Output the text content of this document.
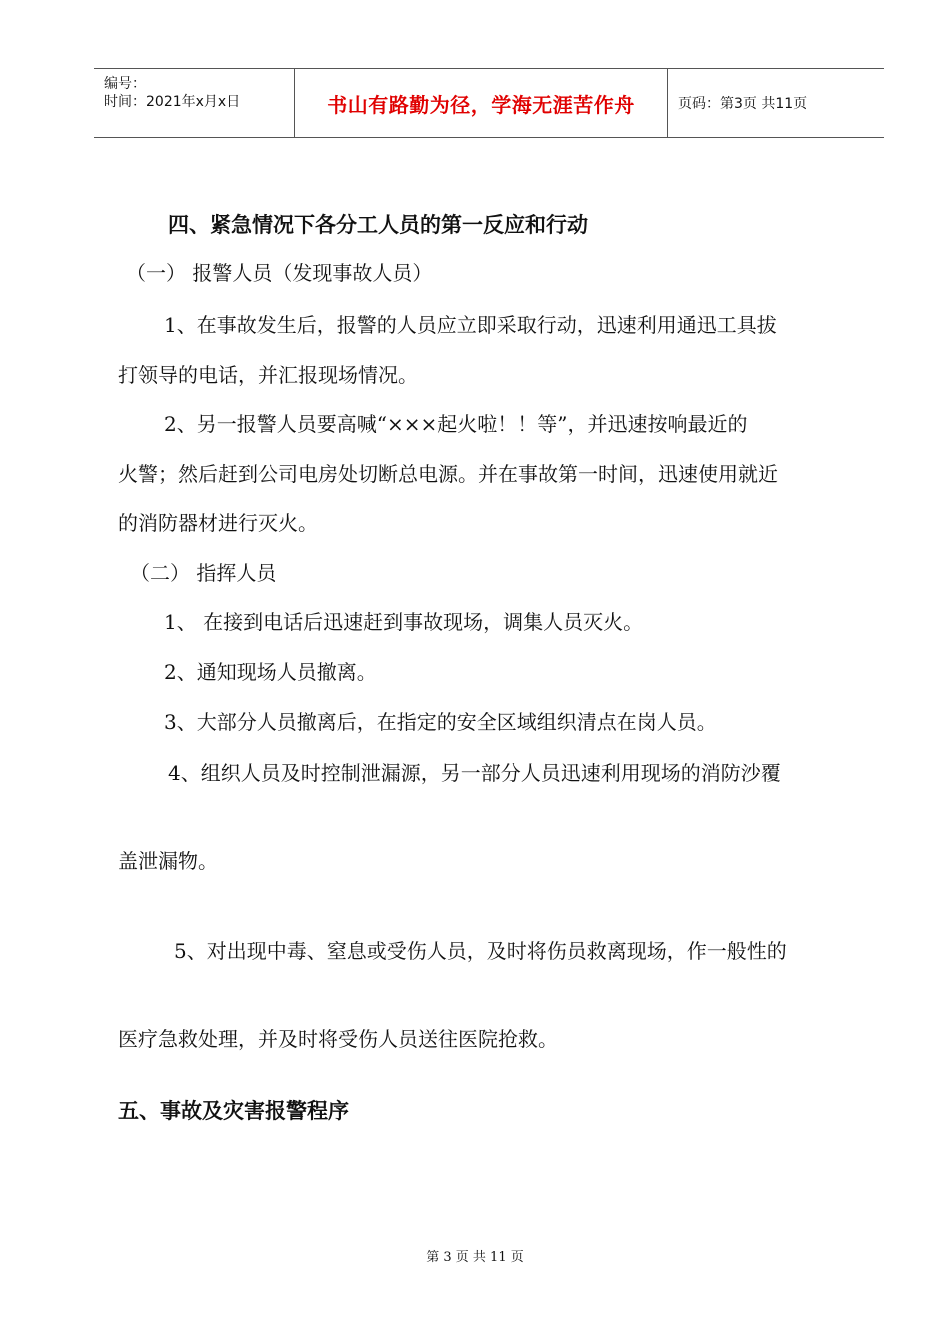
编号：
时间：2021年x月x日	书山有路勤为径，学海无涯苦作舟	页码：第3页 共11页
四、紧急情况下各分工人员的第一反应和行动
（一） 报警人员（发现事故人员）
1、在事故发生后，报警的人员应立即采取行动，迅速利用通迅工具拔
打领导的电话，并汇报现场情况。
2、另一报警人员要高喊“×××起火啦！！等”，并迅速按响最近的
火警；然后赶到公司电房处切断总电源。并在事故第一时间，迅速使用就近
的消防器材进行灭火。
（二） 指挥人员
1、 在接到电话后迅速赶到事故现场，调集人员灭火。
2、通知现场人员撤离。
3、大部分人员撤离后，在指定的安全区域组织清点在岗人员。
4、组织人员及时控制泄漏源，另一部分人员迅速利用现场的消防沙覆
盖泄漏物。
5、对出现中毒、窒息或受伤人员，及时将伤员救离现场，作一般性的
医疗急救处理，并及时将受伤人员送往医院抢救。
五、事故及灾害报警程序
第 3 页 共 11 页
